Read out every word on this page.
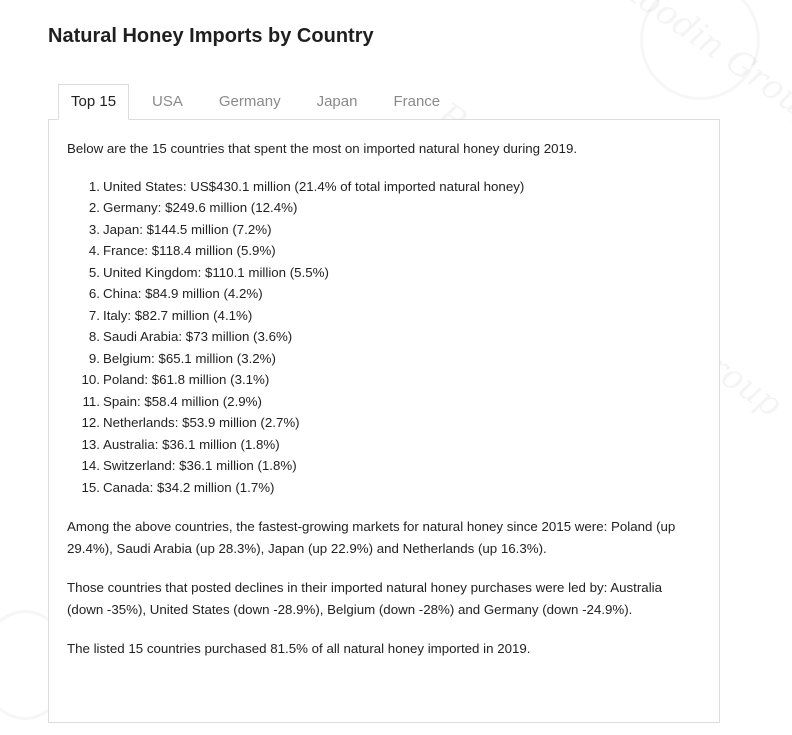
Natural Honey Imports by Country
Top 15	USA	Germany	Japan	France

Below are the 15 countries that spent the most on imported natural honey during 2019.

1. United States: US$430.1 million (21.4% of total imported natural honey)
2. Germany: $249.6 million (12.4%)
3. Japan: $144.5 million (7.2%)
4. France: $118.4 million (5.9%)
5. United Kingdom: $110.1 million (5.5%)
6. China: $84.9 million (4.2%)
7. Italy: $82.7 million (4.1%)
8. Saudi Arabia: $73 million (3.6%)
9. Belgium: $65.1 million (3.2%)
10. Poland: $61.8 million (3.1%)
11. Spain: $58.4 million (2.9%)
12. Netherlands: $53.9 million (2.7%)
13. Australia: $36.1 million (1.8%)
14. Switzerland: $36.1 million (1.8%)
15. Canada: $34.2 million (1.7%)

Among the above countries, the fastest-growing markets for natural honey since 2015 were: Poland (up 29.4%), Saudi Arabia (up 28.3%), Japan (up 22.9%) and Netherlands (up 16.3%).

Those countries that posted declines in their imported natural honey purchases were led by: Australia (down -35%), United States (down -28.9%), Belgium (down -28%) and Germany (down -24.9%).

The listed 15 countries purchased 81.5% of all natural honey imported in 2019.
